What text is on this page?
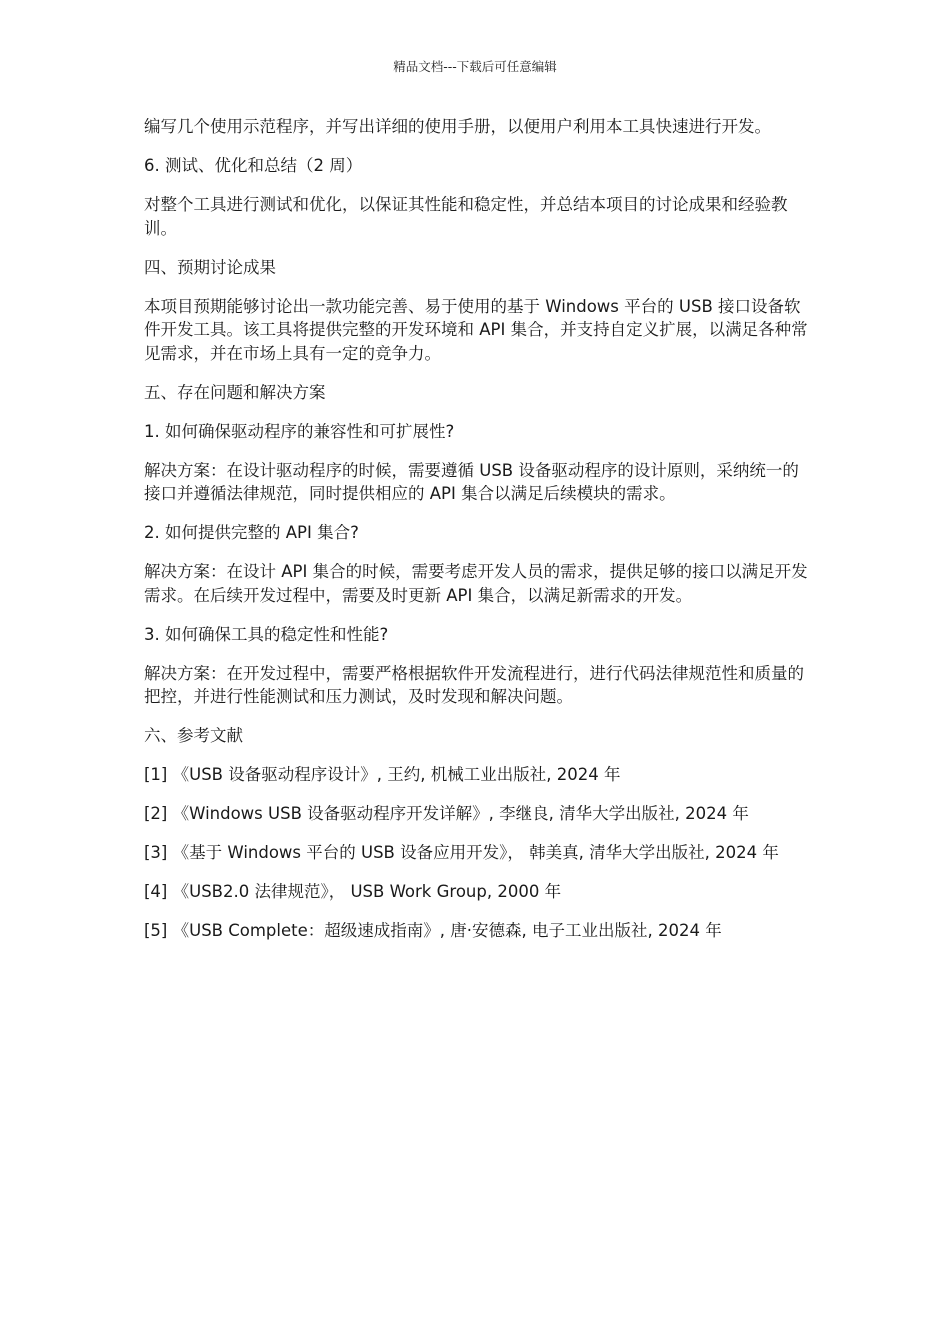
精品文档---下载后可任意编辑

编写几个使用示范程序，并写出详细的使用手册，以便用户利用本工具快速进行开发。

6. 测试、优化和总结（2 周）

对整个工具进行测试和优化，以保证其性能和稳定性，并总结本项目的讨论成果和经验教训。

四、预期讨论成果

本项目预期能够讨论出一款功能完善、易于使用的基于 Windows 平台的 USB 接口设备软件开发工具。该工具将提供完整的开发环境和 API 集合，并支持自定义扩展，以满足各种常见需求，并在市场上具有一定的竞争力。

五、存在问题和解决方案

1. 如何确保驱动程序的兼容性和可扩展性?

解决方案：在设计驱动程序的时候，需要遵循 USB 设备驱动程序的设计原则，采纳统一的接口并遵循法律规范，同时提供相应的 API 集合以满足后续模块的需求。

2. 如何提供完整的 API 集合?

解决方案：在设计 API 集合的时候，需要考虑开发人员的需求，提供足够的接口以满足开发需求。在后续开发过程中，需要及时更新 API 集合，以满足新需求的开发。

3. 如何确保工具的稳定性和性能?

解决方案：在开发过程中，需要严格根据软件开发流程进行，进行代码法律规范性和质量的把控，并进行性能测试和压力测试，及时发现和解决问题。

六、参考文献

[1] 《USB 设备驱动程序设计》, 王约, 机械工业出版社, 2024 年

[2] 《Windows USB 设备驱动程序开发详解》, 李继良, 清华大学出版社, 2024 年

[3] 《基于 Windows 平台的 USB 设备应用开发》， 韩美真, 清华大学出版社, 2024 年

[4] 《USB2.0 法律规范》， USB Work Group, 2000 年

[5] 《USB Complete：超级速成指南》, 唐·安德森, 电子工业出版社, 2024 年
